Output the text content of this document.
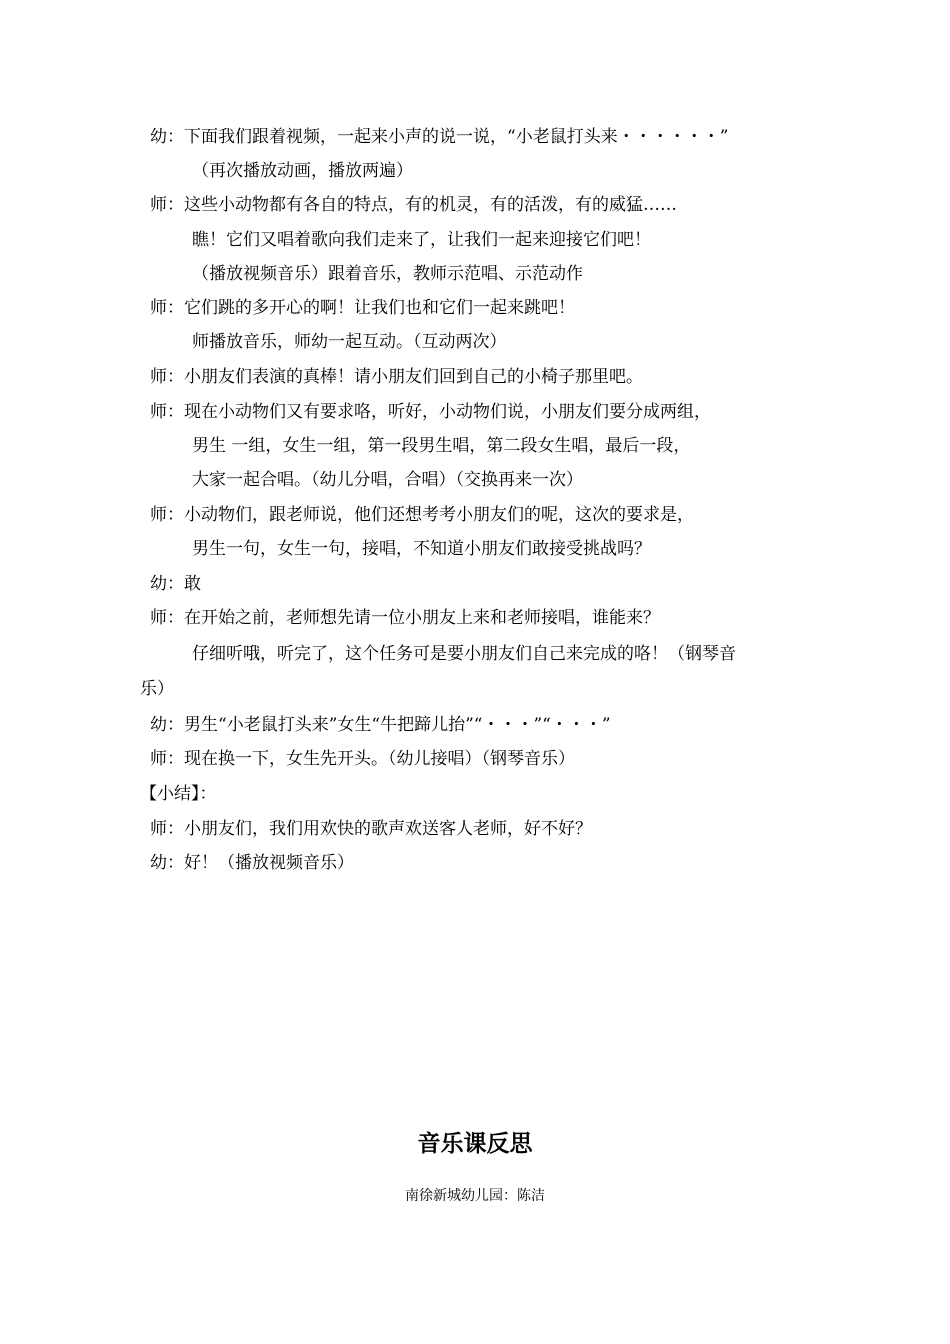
幼：下面我们跟着视频，一起来小声的说一说，“小老鼠打头来・・・・・・”
（再次播放动画，播放两遍）
师：这些小动物都有各自的特点，有的机灵，有的活泼，有的威猛……
瞧！它们又唱着歌向我们走来了，让我们一起来迎接它们吧！
（播放视频音乐）跟着音乐，教师示范唱、示范动作
师：它们跳的多开心的啊！让我们也和它们一起来跳吧！
师播放音乐，师幼一起互动。（互动两次）
师：小朋友们表演的真棒！请小朋友们回到自己的小椅子那里吧。
师：现在小动物们又有要求咯，听好，小动物们说，小朋友们要分成两组，
男生 一组，女生一组，第一段男生唱，第二段女生唱，最后一段，
大家一起合唱。（幼儿分唱，合唱）（交换再来一次）
师：小动物们，跟老师说，他们还想考考小朋友们的呢，这次的要求是，
男生一句，女生一句，接唱，不知道小朋友们敢接受挑战吗？
幼：敢
师：在开始之前，老师想先请一位小朋友上来和老师接唱，谁能来？
仔细听哦，听完了，这个任务可是要小朋友们自己来完成的咯！（钢琴音
乐）
幼：男生“小老鼠打头来”女生“牛把蹄儿抬”“・・・”“・・・”
师：现在换一下，女生先开头。（幼儿接唱）（钢琴音乐）
【小结】：
师：小朋友们，我们用欢快的歌声欢送客人老师，好不好？
幼：好！（播放视频音乐）
音乐课反思
南徐新城幼儿园：陈洁
